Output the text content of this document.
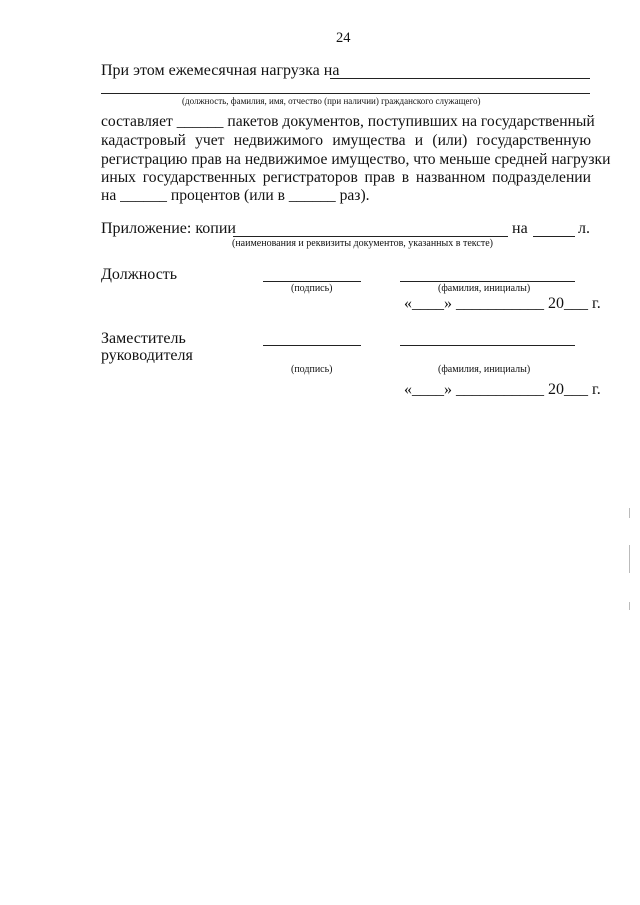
24
При этом ежемесячная нагрузка на
(должность, фамилия, имя, отчество (при наличии) гражданского служащего)
составляет ______ пакетов документов, поступивших на государственный
кадастровый учет недвижимого имущества и (или) государственную
регистрацию прав на недвижимое имущество, что меньше средней нагрузки
иных государственных регистраторов прав в названном подразделении
на ______ процентов (или в ______ раз).
Приложение: копии	на	л.
(наименования и реквизиты документов, указанных в тексте)
Должность
(подпись)	(фамилия, инициалы)
«____» ___________ 20___ г.
Заместитель
руководителя
(подпись)	(фамилия, инициалы)
«____» ___________ 20___ г.
